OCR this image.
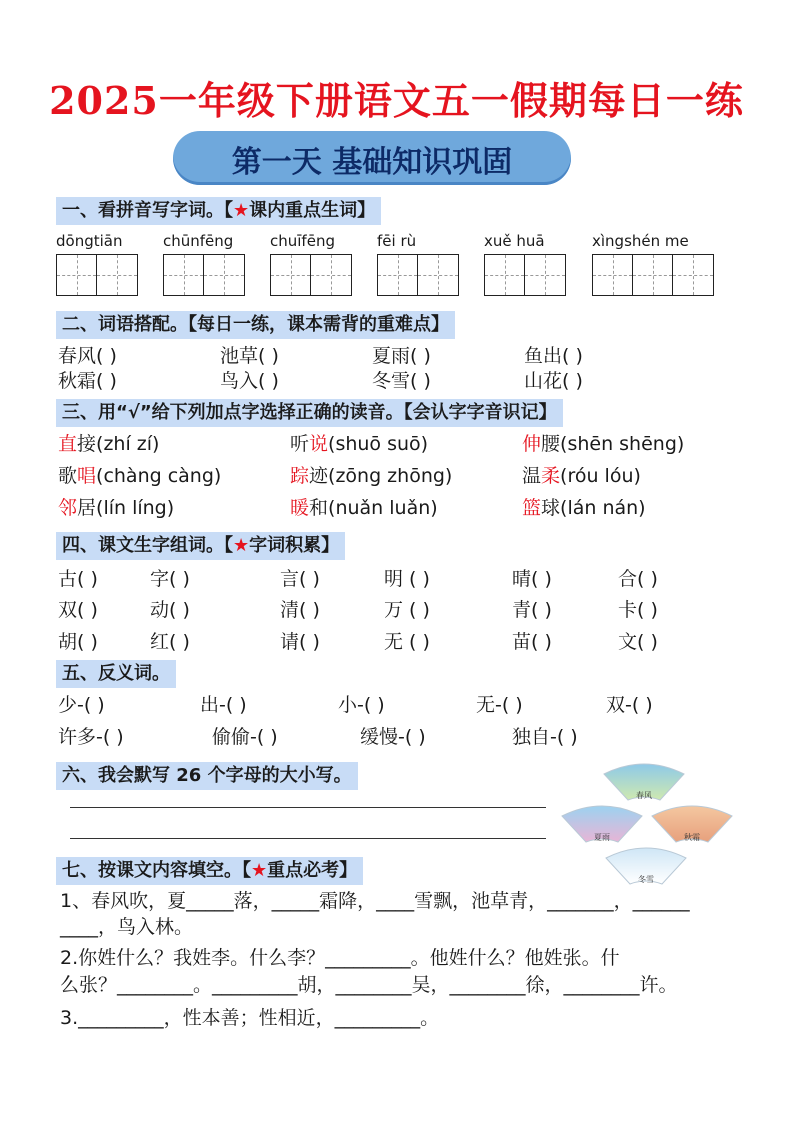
2025一年级下册语文五一假期每日一练
第一天 基础知识巩固
一、看拼音写字词。【★课内重点生词】
dōngtiān	chūnfēng chuīfēng	fēi rù	xuě huā	xìngshén me
二、词语搭配。【每日一练，课本需背的重难点】
春风( )	池草( )	夏雨( )	鱼出( )
秋霜( )	鸟入( )	冬雪( )	山花( )
三、用“√”给下列加点字选择正确的读音。【会认字字音识记】
直接(zhí zí)	听说(shuō suō)	伸腰(shēn shēng)
歌唱(chàng càng)	踪迹(zōng zhōng)	温柔(róu lóu)
邻居(lín líng)	暖和(nuǎn luǎn)	篮球(lán nán)
四、课文生字组词。【★字词积累】
古( )	字( )	言( )	明 ( )	晴( )	合( )
双( )	动( )	清( )	万 ( )	青( )	卡( )
胡( )	红( )	请( )	无 ( )	苗( )	文( )
五、反义词。
少-( )	出-( )	小-( )	无-( )	双-( )
许多-( )	偷偷-( )	缓慢-( )	独自-( )
六、我会默写 26 个字母的大小写。
春风
夏雨	秋霜
冬雪
七、按课文内容填空。【★重点必考】
1、春风吹，夏_____落，_____霜降，____雪飘，池草青，_______，______
____，鸟入林。
2.你姓什么？我姓李。什么李？_________。他姓什么？他姓张。什
么张？________。_________胡，________吴，________徐，________许。
3._________，性本善；性相近，_________。
